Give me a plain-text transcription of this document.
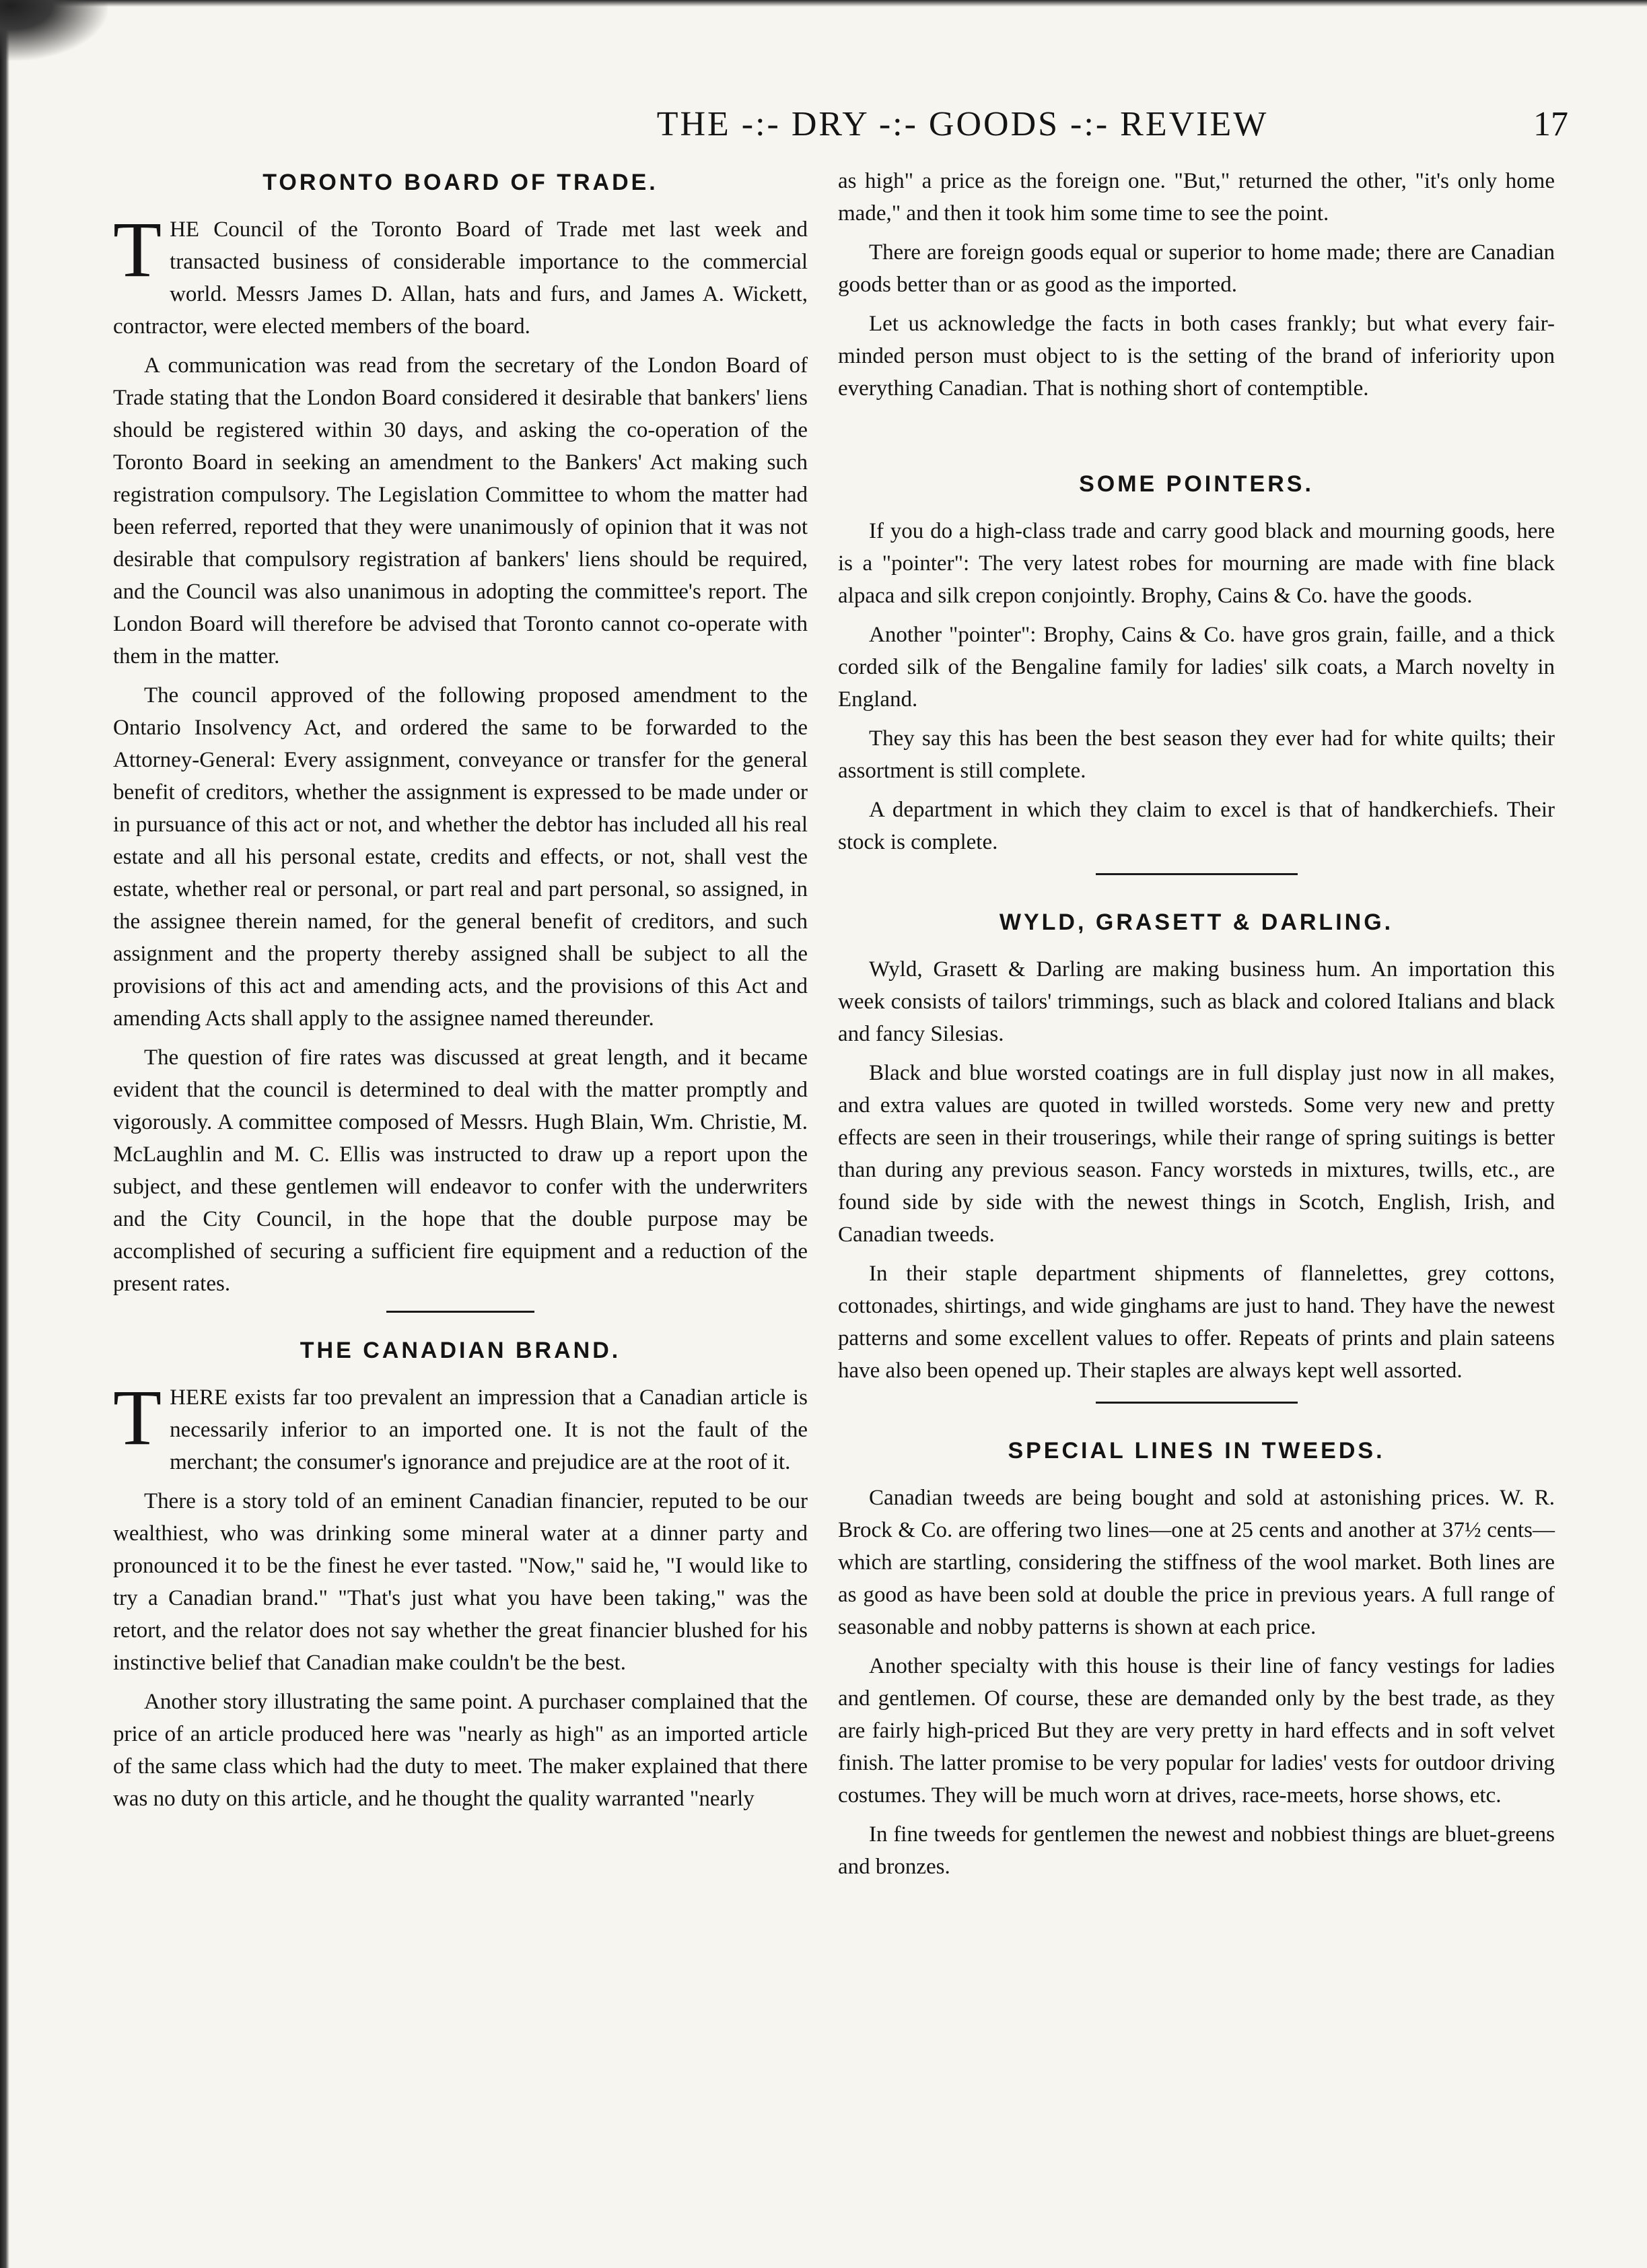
THE -:- DRY -:- GOODS -:- REVIEW	17
TORONTO BOARD OF TRADE.

THE Council of the Toronto Board of Trade met last week and transacted business of considerable importance to the commercial world. Messrs James D. Allan, hats and furs, and James A. Wickett, contractor, were elected members of the board.

A communication was read from the secretary of the London Board of Trade stating that the London Board considered it desirable that bankers' liens should be registered within 30 days, and asking the co-operation of the Toronto Board in seeking an amendment to the Bankers' Act making such registration compulsory. The Legislation Committee to whom the matter had been referred, reported that they were unanimously of opinion that it was not desirable that compulsory registration af bankers' liens should be required, and the Council was also unanimous in adopting the committee's report. The London Board will therefore be advised that Toronto cannot co-operate with them in the matter.

The council approved of the following proposed amendment to the Ontario Insolvency Act, and ordered the same to be forwarded to the Attorney-General: Every assignment, conveyance or transfer for the general benefit of creditors, whether the assignment is expressed to be made under or in pursuance of this act or not, and whether the debtor has included all his real estate and all his personal estate, credits and effects, or not, shall vest the estate, whether real or personal, or part real and part personal, so assigned, in the assignee therein named, for the general benefit of creditors, and such assignment and the property thereby assigned shall be subject to all the provisions of this act and amending acts, and the provisions of this Act and amending Acts shall apply to the assignee named thereunder.

The question of fire rates was discussed at great length, and it became evident that the council is determined to deal with the matter promptly and vigorously. A committee composed of Messrs. Hugh Blain, Wm. Christie, M. McLaughlin and M. C. Ellis was instructed to draw up a report upon the subject, and these gentlemen will endeavor to confer with the underwriters and the City Council, in the hope that the double purpose may be accomplished of securing a sufficient fire equipment and a reduction of the present rates.

THE CANADIAN BRAND.

THERE exists far too prevalent an impression that a Canadian article is necessarily inferior to an imported one. It is not the fault of the merchant; the consumer's ignorance and prejudice are at the root of it.

There is a story told of an eminent Canadian financier, reputed to be our wealthiest, who was drinking some mineral water at a dinner party and pronounced it to be the finest he ever tasted. "Now," said he, "I would like to try a Canadian brand." "That's just what you have been taking," was the retort, and the relator does not say whether the great financier blushed for his instinctive belief that Canadian make couldn't be the best.

Another story illustrating the same point. A purchaser complained that the price of an article produced here was "nearly as high" as an imported article of the same class which had the duty to meet. The maker explained that there was no duty on this article, and he thought the quality warranted "nearly

as high" a price as the foreign one. "But," returned the other, "it's only home made," and then it took him some time to see the point.

There are foreign goods equal or superior to home made; there are Canadian goods better than or as good as the imported.

Let us acknowledge the facts in both cases frankly; but what every fair-minded person must object to is the setting of the brand of inferiority upon everything Canadian. That is nothing short of contemptible.

SOME POINTERS.

If you do a high-class trade and carry good black and mourning goods, here is a "pointer": The very latest robes for mourning are made with fine black alpaca and silk crepon conjointly. Brophy, Cains & Co. have the goods.

Another "pointer": Brophy, Cains & Co. have gros grain, faille, and a thick corded silk of the Bengaline family for ladies' silk coats, a March novelty in England.

They say this has been the best season they ever had for white quilts; their assortment is still complete.

A department in which they claim to excel is that of handkerchiefs. Their stock is complete.

WYLD, GRASETT & DARLING.

Wyld, Grasett & Darling are making business hum. An importation this week consists of tailors' trimmings, such as black and colored Italians and black and fancy Silesias.

Black and blue worsted coatings are in full display just now in all makes, and extra values are quoted in twilled worsteds. Some very new and pretty effects are seen in their trouserings, while their range of spring suitings is better than during any previous season. Fancy worsteds in mixtures, twills, etc., are found side by side with the newest things in Scotch, English, Irish, and Canadian tweeds.

In their staple department shipments of flannelettes, grey cottons, cottonades, shirtings, and wide ginghams are just to hand. They have the newest patterns and some excellent values to offer. Repeats of prints and plain sateens have also been opened up. Their staples are always kept well assorted.

SPECIAL LINES IN TWEEDS.

Canadian tweeds are being bought and sold at astonishing prices. W. R. Brock & Co. are offering two lines—one at 25 cents and another at 37½ cents—which are startling, considering the stiffness of the wool market. Both lines are as good as have been sold at double the price in previous years. A full range of seasonable and nobby patterns is shown at each price.

Another specialty with this house is their line of fancy vestings for ladies and gentlemen. Of course, these are demanded only by the best trade, as they are fairly high-priced But they are very pretty in hard effects and in soft velvet finish. The latter promise to be very popular for ladies' vests for outdoor driving costumes. They will be much worn at drives, race-meets, horse shows, etc.

In fine tweeds for gentlemen the newest and nobbiest things are bluet-greens and bronzes.
